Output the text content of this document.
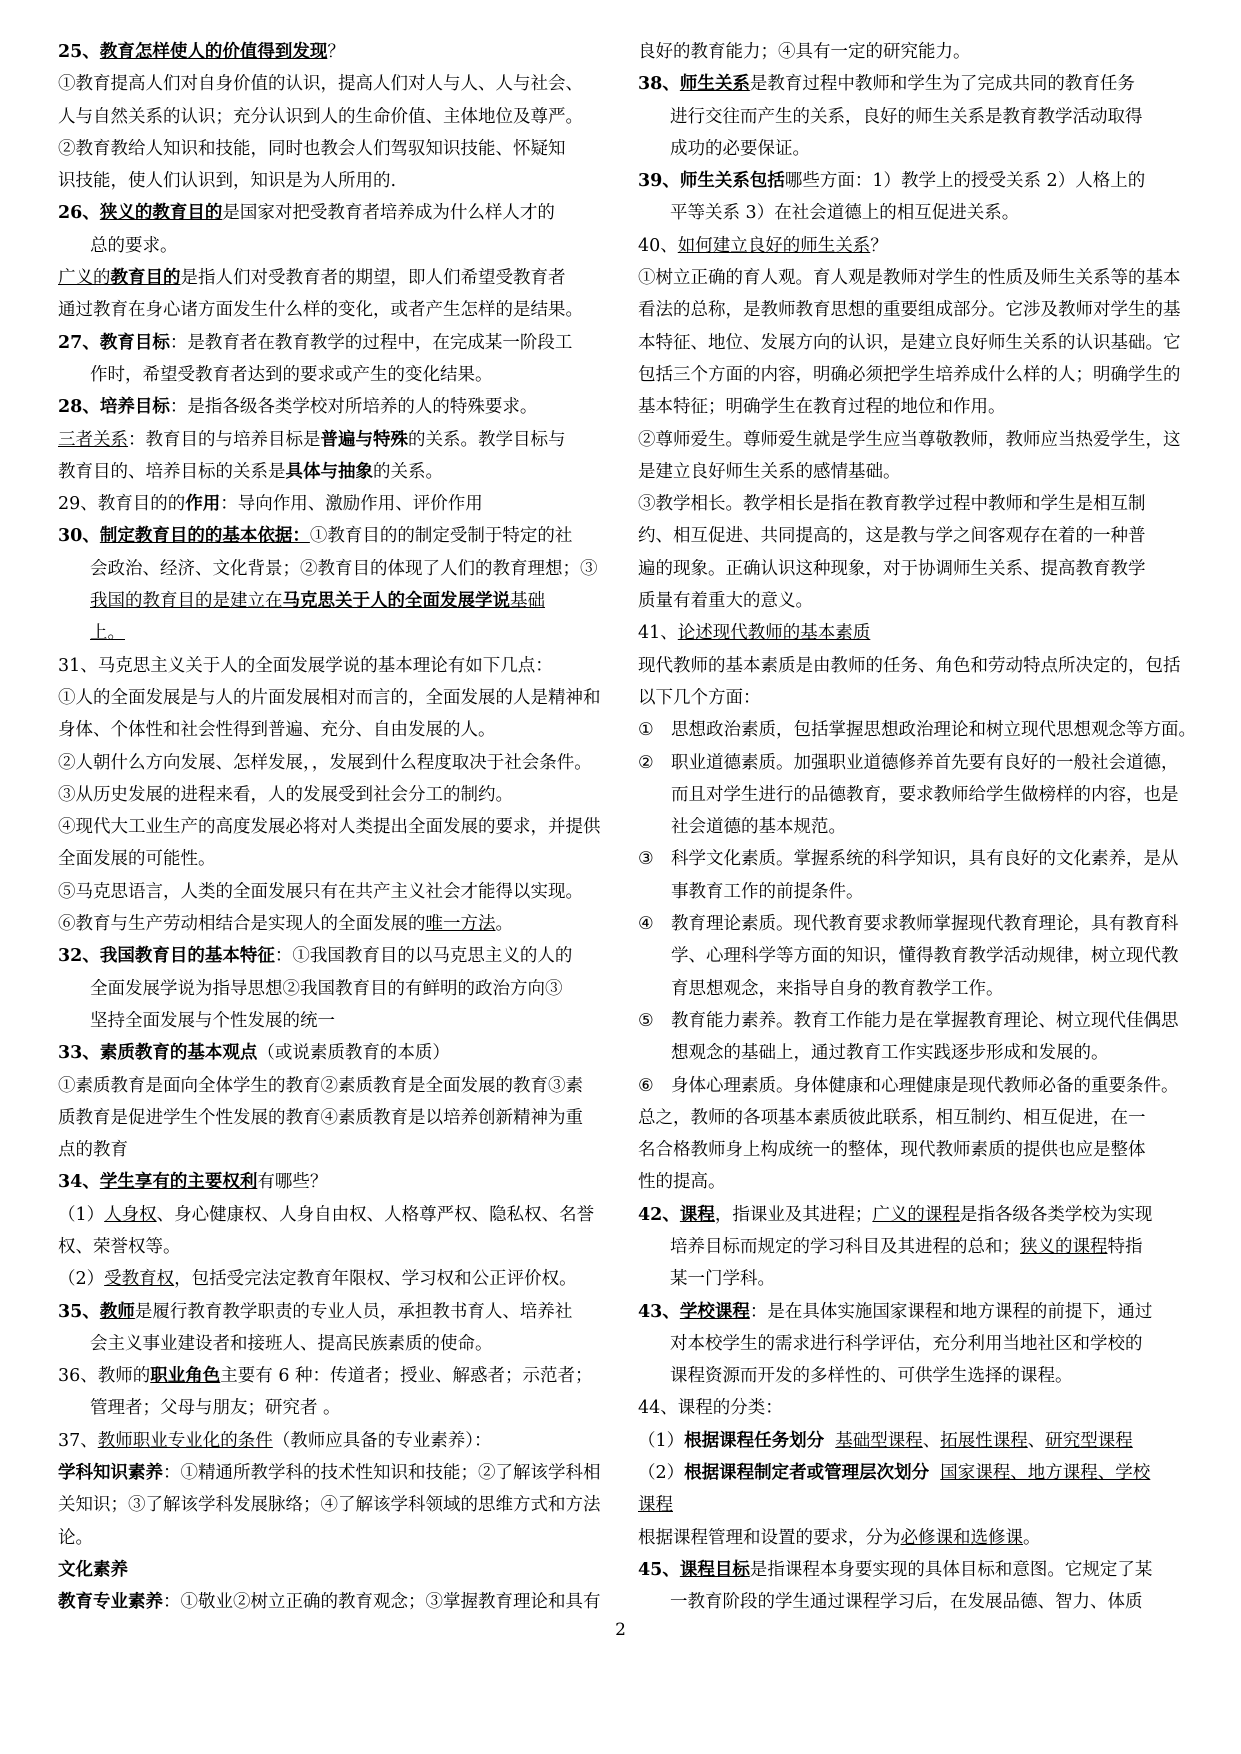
25、教育怎样使人的价值得到发现？

①教育提高人们对自身价值的认识，提高人们对人与人、人与社会、

人与自然关系的认识；充分认识到人的生命价值、主体地位及尊严。

②教育教给人知识和技能，同时也教会人们驾驭知识技能、怀疑知

识技能，使人们认识到，知识是为人所用的.

26、狭义的教育目的是国家对把受教育者培养成为什么样人才的

总的要求。

广义的教育目的是指人们对受教育者的期望，即人们希望受教育者

通过教育在身心诸方面发生什么样的变化，或者产生怎样的是结果。

27、教育目标：是教育者在教育教学的过程中，在完成某一阶段工

作时，希望受教育者达到的要求或产生的变化结果。

28、培养目标：是指各级各类学校对所培养的人的特殊要求。

三者关系：教育目的与培养目标是普遍与特殊的关系。教学目标与

教育目的、培养目标的关系是具体与抽象的关系。

29、教育目的的作用：导向作用、激励作用、评价作用

30、制定教育目的的基本依据：①教育目的的制定受制于特定的社

会政治、经济、文化背景；②教育目的体现了人们的教育理想；③

我国的教育目的是建立在马克思关于人的全面发展学说基础

上。

31、马克思主义关于人的全面发展学说的基本理论有如下几点：

①人的全面发展是与人的片面发展相对而言的，全面发展的人是精神和

身体、个体性和社会性得到普遍、充分、自由发展的人。

②人朝什么方向发展、怎样发展，，发展到什么程度取决于社会条件。

③从历史发展的进程来看，人的发展受到社会分工的制约。

④现代大工业生产的高度发展必将对人类提出全面发展的要求，并提供

全面发展的可能性。

⑤马克思语言，人类的全面发展只有在共产主义社会才能得以实现。

⑥教育与生产劳动相结合是实现人的全面发展的唯一方法。

32、我国教育目的基本特征：①我国教育目的以马克思主义的人的

全面发展学说为指导思想②我国教育目的有鲜明的政治方向③

坚持全面发展与个性发展的统一

33、素质教育的基本观点（或说素质教育的本质）

①素质教育是面向全体学生的教育②素质教育是全面发展的教育③素

质教育是促进学生个性发展的教育④素质教育是以培养创新精神为重

点的教育

34、学生享有的主要权利有哪些？

（1）人身权、身心健康权、人身自由权、人格尊严权、隐私权、名誉

权、荣誉权等。

（2）受教育权，包括受完法定教育年限权、学习权和公正评价权。

35、教师是履行教育教学职责的专业人员，承担教书育人、培养社

会主义事业建设者和接班人、提高民族素质的使命。

36、教师的职业角色主要有 6 种：传道者；授业、解惑者；示范者；

管理者；父母与朋友；研究者 。

37、教师职业专业化的条件（教师应具备的专业素养）：

学科知识素养：①精通所教学科的技术性知识和技能；②了解该学科相

关知识；③了解该学科发展脉络；④了解该学科领域的思维方式和方法

论。

文化素养

教育专业素养：①敬业②树立正确的教育观念；③掌握教育理论和具有

良好的教育能力；④具有一定的研究能力。

38、师生关系是教育过程中教师和学生为了完成共同的教育任务

进行交往而产生的关系，良好的师生关系是教育教学活动取得

成功的必要保证。

39、师生关系包括哪些方面：1）教学上的授受关系 2）人格上的

平等关系 3）在社会道德上的相互促进关系。

40、如何建立良好的师生关系？

①树立正确的育人观。育人观是教师对学生的性质及师生关系等的基本

看法的总称，是教师教育思想的重要组成部分。它涉及教师对学生的基

本特征、地位、发展方向的认识，是建立良好师生关系的认识基础。它

包括三个方面的内容，明确必须把学生培养成什么样的人；明确学生的

基本特征；明确学生在教育过程的地位和作用。

②尊师爱生。尊师爱生就是学生应当尊敬教师，教师应当热爱学生，这

是建立良好师生关系的感情基础。

③教学相长。教学相长是指在教育教学过程中教师和学生是相互制

约、相互促进、共同提高的，这是教与学之间客观存在着的一种普

遍的现象。正确认识这种现象，对于协调师生关系、提高教育教学

质量有着重大的意义。

41、论述现代教师的基本素质

现代教师的基本素质是由教师的任务、角色和劳动特点所决定的，包括

以下几个方面：

① 思想政治素质，包括掌握思想政治理论和树立现代思想观念等方面。

② 职业道德素质。加强职业道德修养首先要有良好的一般社会道德，

而且对学生进行的品德教育，要求教师给学生做榜样的内容，也是

社会道德的基本规范。

③ 科学文化素质。掌握系统的科学知识，具有良好的文化素养，是从

事教育工作的前提条件。

④ 教育理论素质。现代教育要求教师掌握现代教育理论，具有教育科

学、心理科学等方面的知识，懂得教育教学活动规律，树立现代教

育思想观念，来指导自身的教育教学工作。

⑤ 教育能力素养。教育工作能力是在掌握教育理论、树立现代佳偶思

想观念的基础上，通过教育工作实践逐步形成和发展的。

⑥ 身体心理素质。身体健康和心理健康是现代教师必备的重要条件。

总之，教师的各项基本素质彼此联系，相互制约、相互促进，在一

名合格教师身上构成统一的整体，现代教师素质的提供也应是整体

性的提高。

42、课程，指课业及其进程；广义的课程是指各级各类学校为实现

培养目标而规定的学习科目及其进程的总和；狭义的课程特指

某一门学科。

43、学校课程：是在具体实施国家课程和地方课程的前提下，通过

对本校学生的需求进行科学评估，充分利用当地社区和学校的

课程资源而开发的多样性的、可供学生选择的课程。

44、课程的分类：

（1）根据课程任务划分 基础型课程、拓展性课程、研究型课程

（2）根据课程制定者或管理层次划分 国家课程、地方课程、学校

课程

根据课程管理和设置的要求，分为必修课和选修课。

45、课程目标是指课程本身要实现的具体目标和意图。它规定了某

一教育阶段的学生通过课程学习后，在发展品德、智力、体质

2
